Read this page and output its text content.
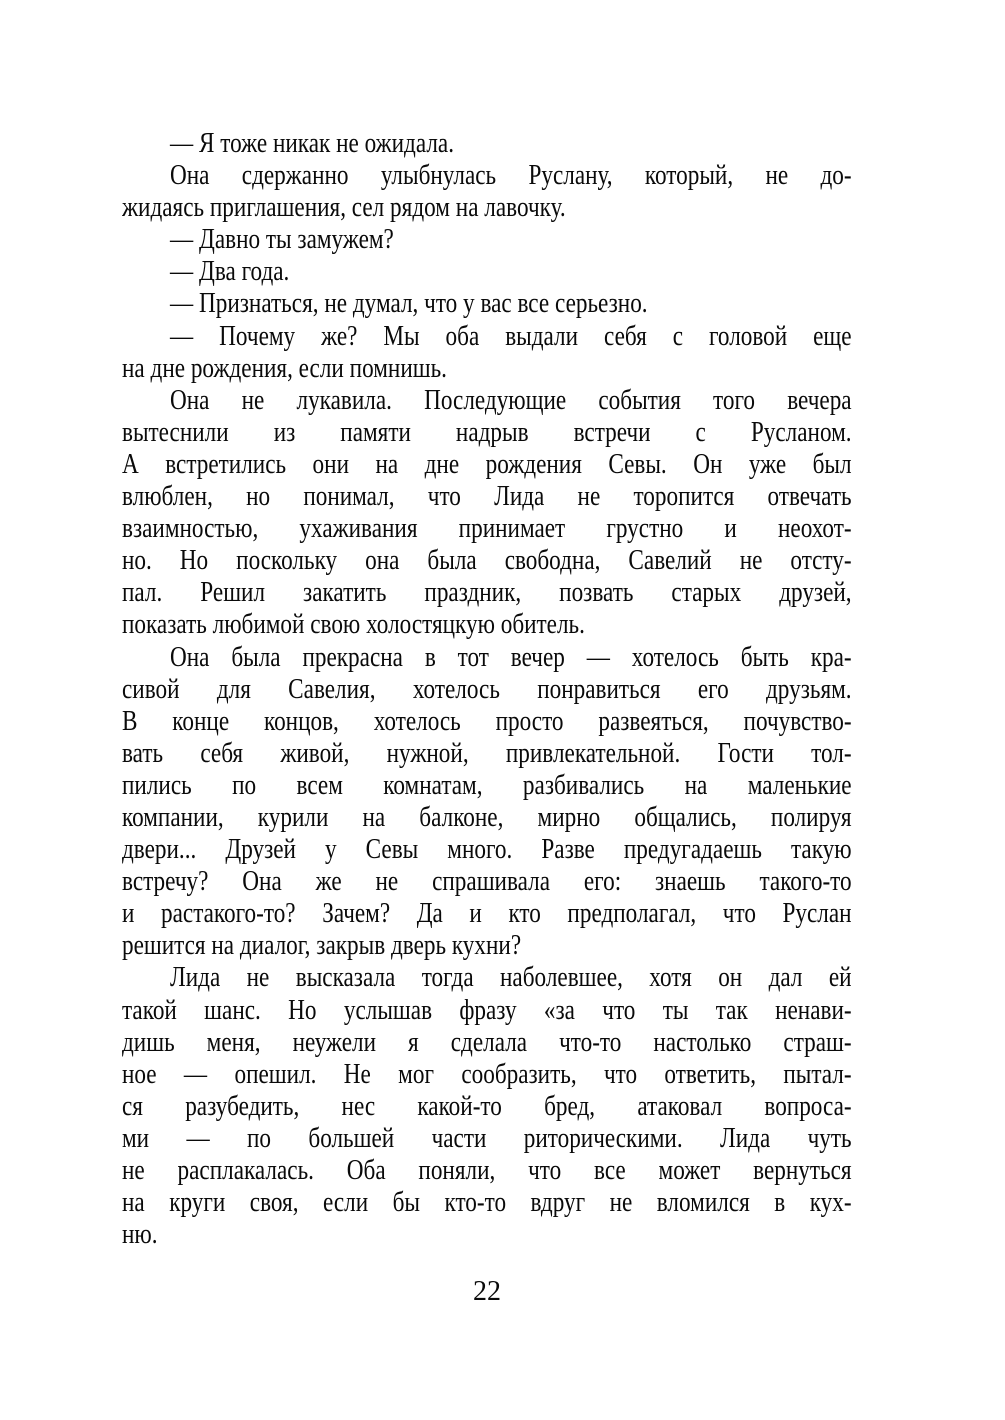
— Я тоже никак не ожидала.
Она сдержанно улыбнулась Руслану, который, не до-
жидаясь приглашения, сел рядом на лавочку.
— Давно ты замужем?
— Два года.
— Признаться, не думал, что у вас все серьезно.
— Почему же? Мы оба выдали себя с головой еще
на дне рождения, если помнишь.
Она не лукавила. Последующие события того вечера
вытеснили из памяти надрыв встречи с Русланом.
А встретились они на дне рождения Севы. Он уже был
влюблен, но понимал, что Лида не торопится отвечать
взаимностью, ухаживания принимает грустно и неохот-
но. Но поскольку она была свободна, Савелий не отсту-
пал. Решил закатить праздник, позвать старых друзей,
показать любимой свою холостяцкую обитель.
Она была прекрасна в тот вечер — хотелось быть кра-
сивой для Савелия, хотелось понравиться его друзьям.
В конце концов, хотелось просто развеяться, почувство-
вать себя живой, нужной, привлекательной. Гости тол-
пились по всем комнатам, разбивались на маленькие
компании, курили на балконе, мирно общались, полируя
двери... Друзей у Севы много. Разве предугадаешь такую
встречу? Она же не спрашивала его: знаешь такого-то
и растакого-то? Зачем? Да и кто предполагал, что Руслан
решится на диалог, закрыв дверь кухни?
Лида не высказала тогда наболевшее, хотя он дал ей
такой шанс. Но услышав фразу «за что ты так ненави-
дишь меня, неужели я сделала что-то настолько страш-
ное — опешил. Не мог сообразить, что ответить, пытал-
ся разубедить, нес какой-то бред, атаковал вопроса-
ми — по большей части риторическими. Лида чуть
не расплакалась. Оба поняли, что все может вернуться
на круги своя, если бы кто-то вдруг не вломился в кух-
ню.
22
